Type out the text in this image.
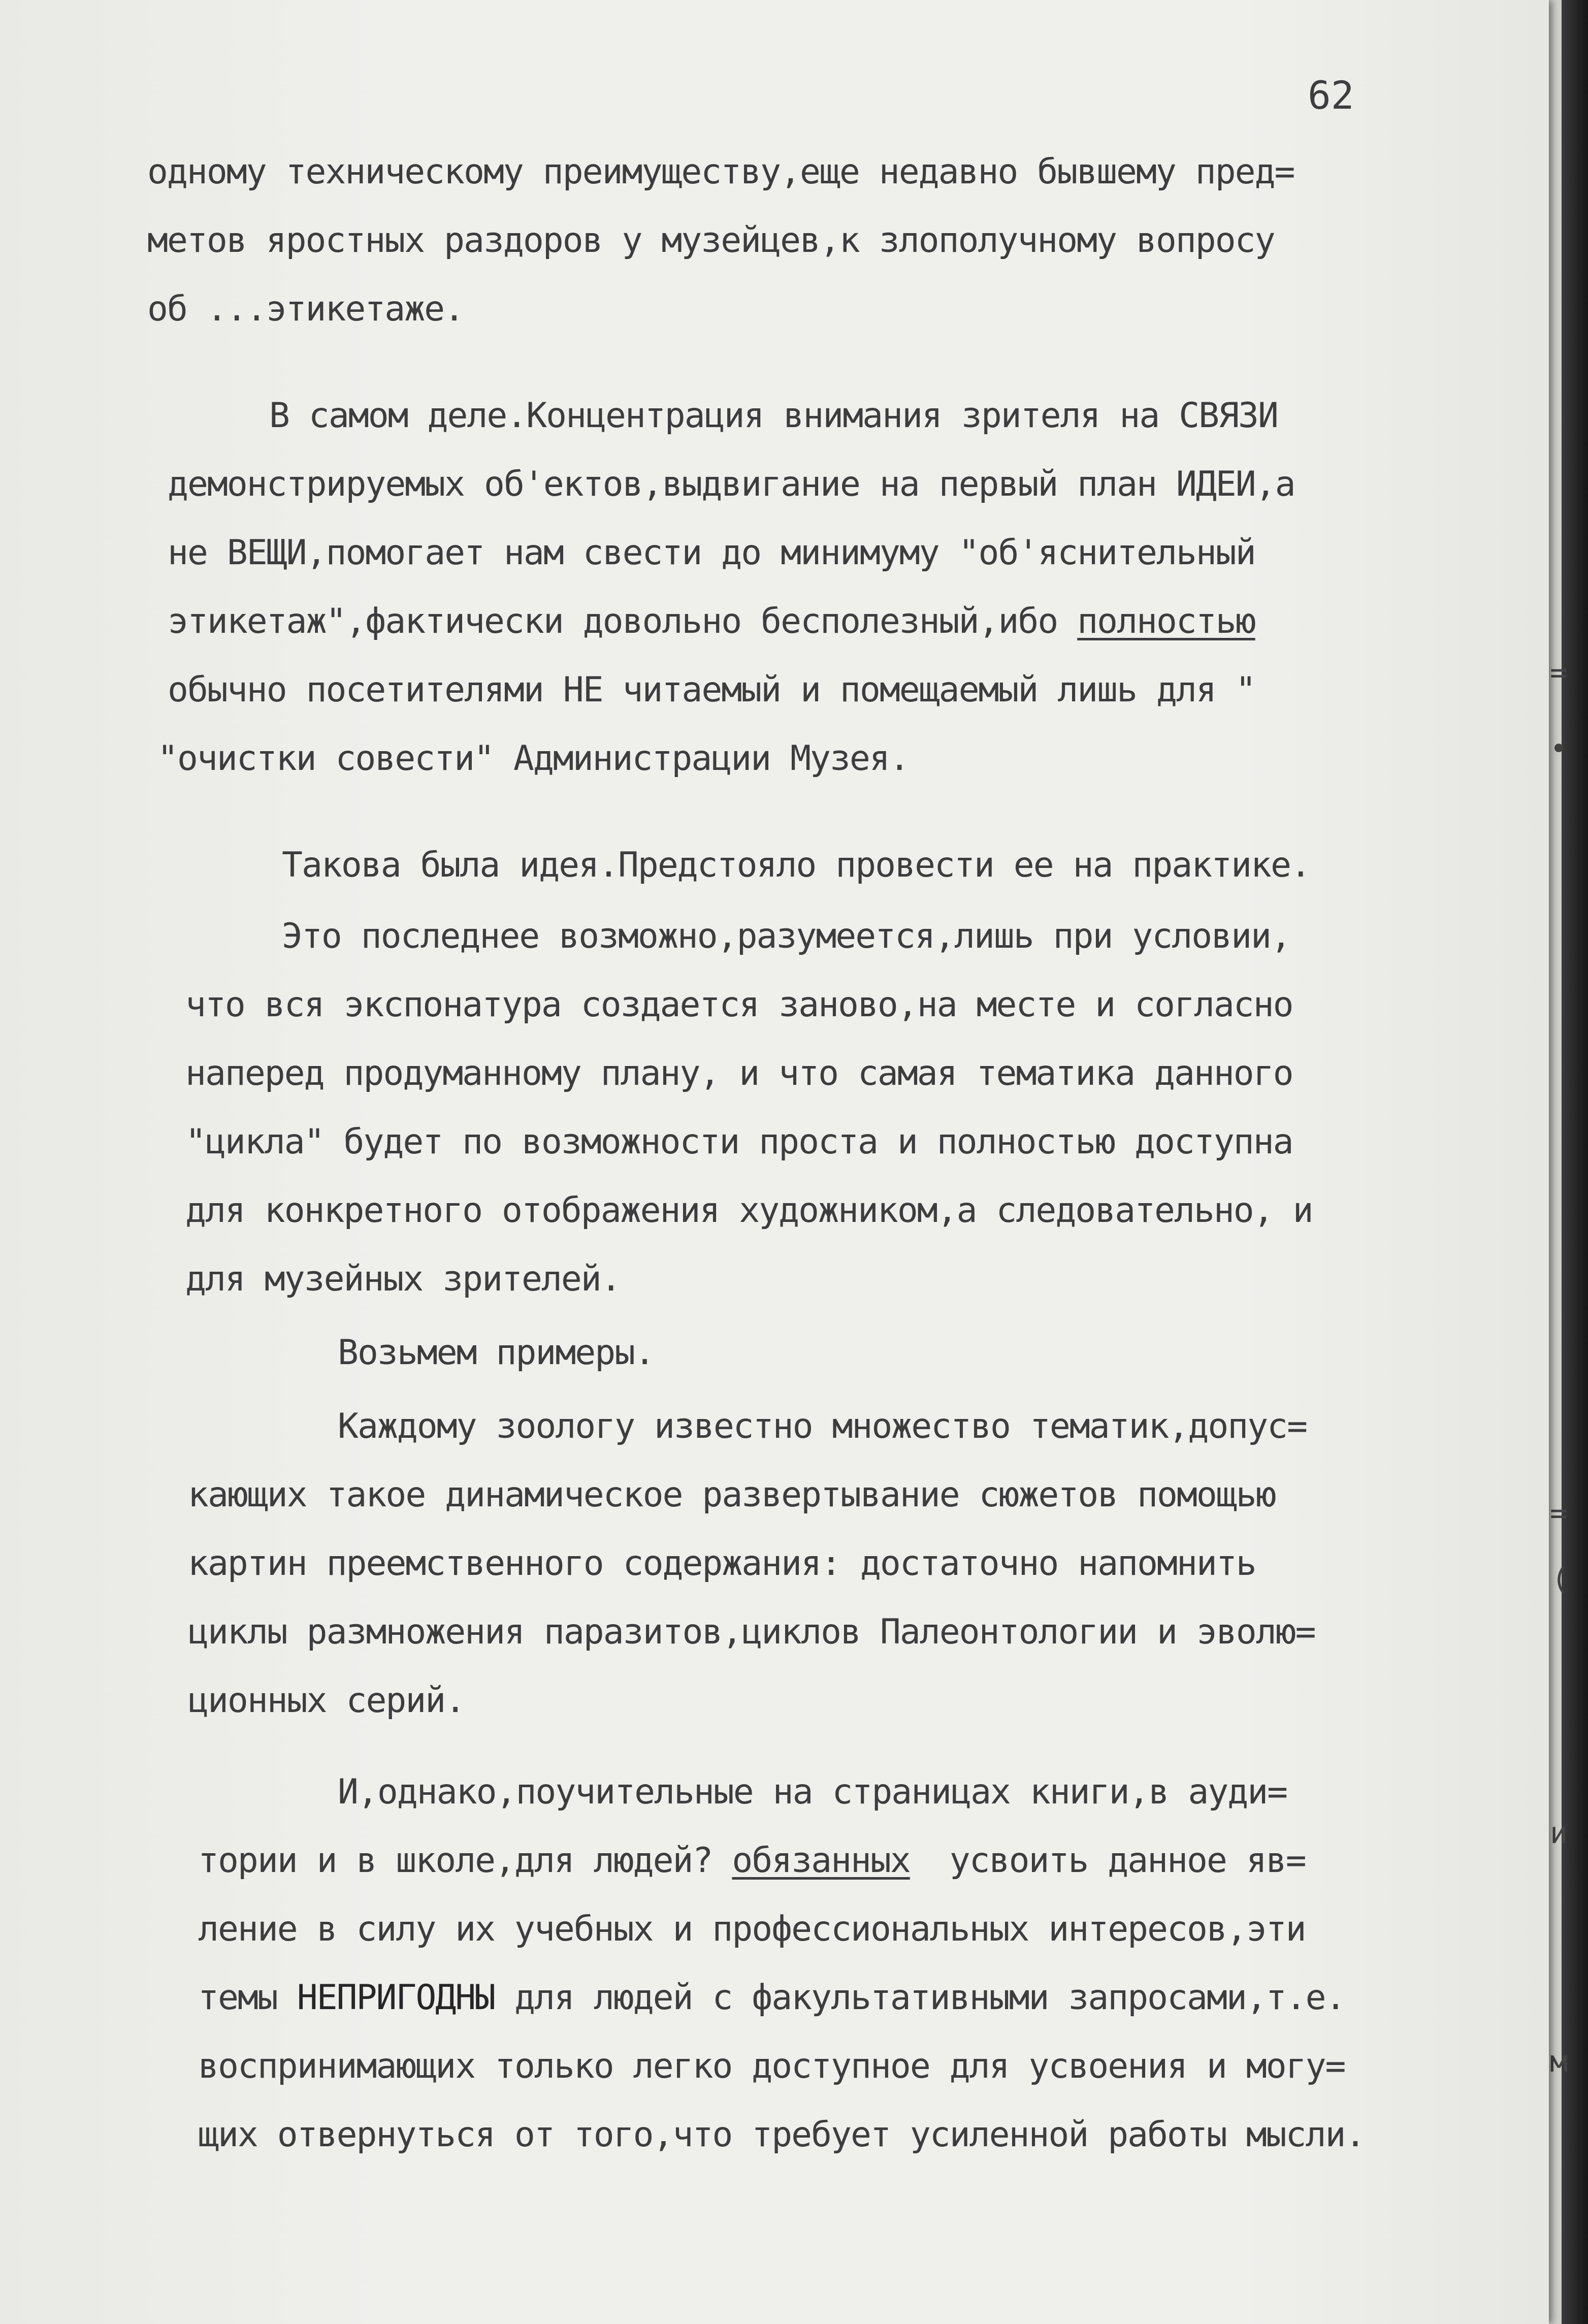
=
•
=
(
и
м

62

одному техническому преимуществу,еще недавно бывшему пред=

метов яростных раздоров у музейцев,к злополучному вопросу

об ...этикетаже.

В самом деле.Концентрация внимания зрителя на СВЯЗИ

демонстрируемых об'ектов,выдвигание на первый план ИДЕИ,а

не ВЕЩИ,помогает нам свести до минимуму "об'яснительный

этикетаж",фактически довольно бесполезный,ибо полностью

обычно посетителями НЕ читаемый и помещаемый лишь для "

"очистки совести" Администрации Музея.

Такова была идея.Предстояло провести ее на практике.

Это последнее возможно,разумеется,лишь при условии,

что вся экспонатура создается заново,на месте и согласно

наперед продуманному плану, и что самая тематика данного

"цикла" будет по возможности проста и полностью доступна

для конкретного отображения художником,а следовательно, и

для музейных зрителей.

Возьмем примеры.

Каждому зоологу известно множество тематик,допус=

кающих такое динамическое развертывание сюжетов помощью

картин преемственного содержания: достаточно напомнить

циклы размножения паразитов,циклов Палеонтологии и эволю=

ционных серий.

И,однако,поучительные на страницах книги,в ауди=

тории и в школе,для людей? обязанных усвоить данное яв=

ление в силу их учебных и профессиональных интересов,эти

темы НЕПРИГОДНЫ для людей с факультативными запросами,т.е.

воспринимающих только легко доступное для усвоения и могу=

щих отвернуться от того,что требует усиленной работы мысли.
